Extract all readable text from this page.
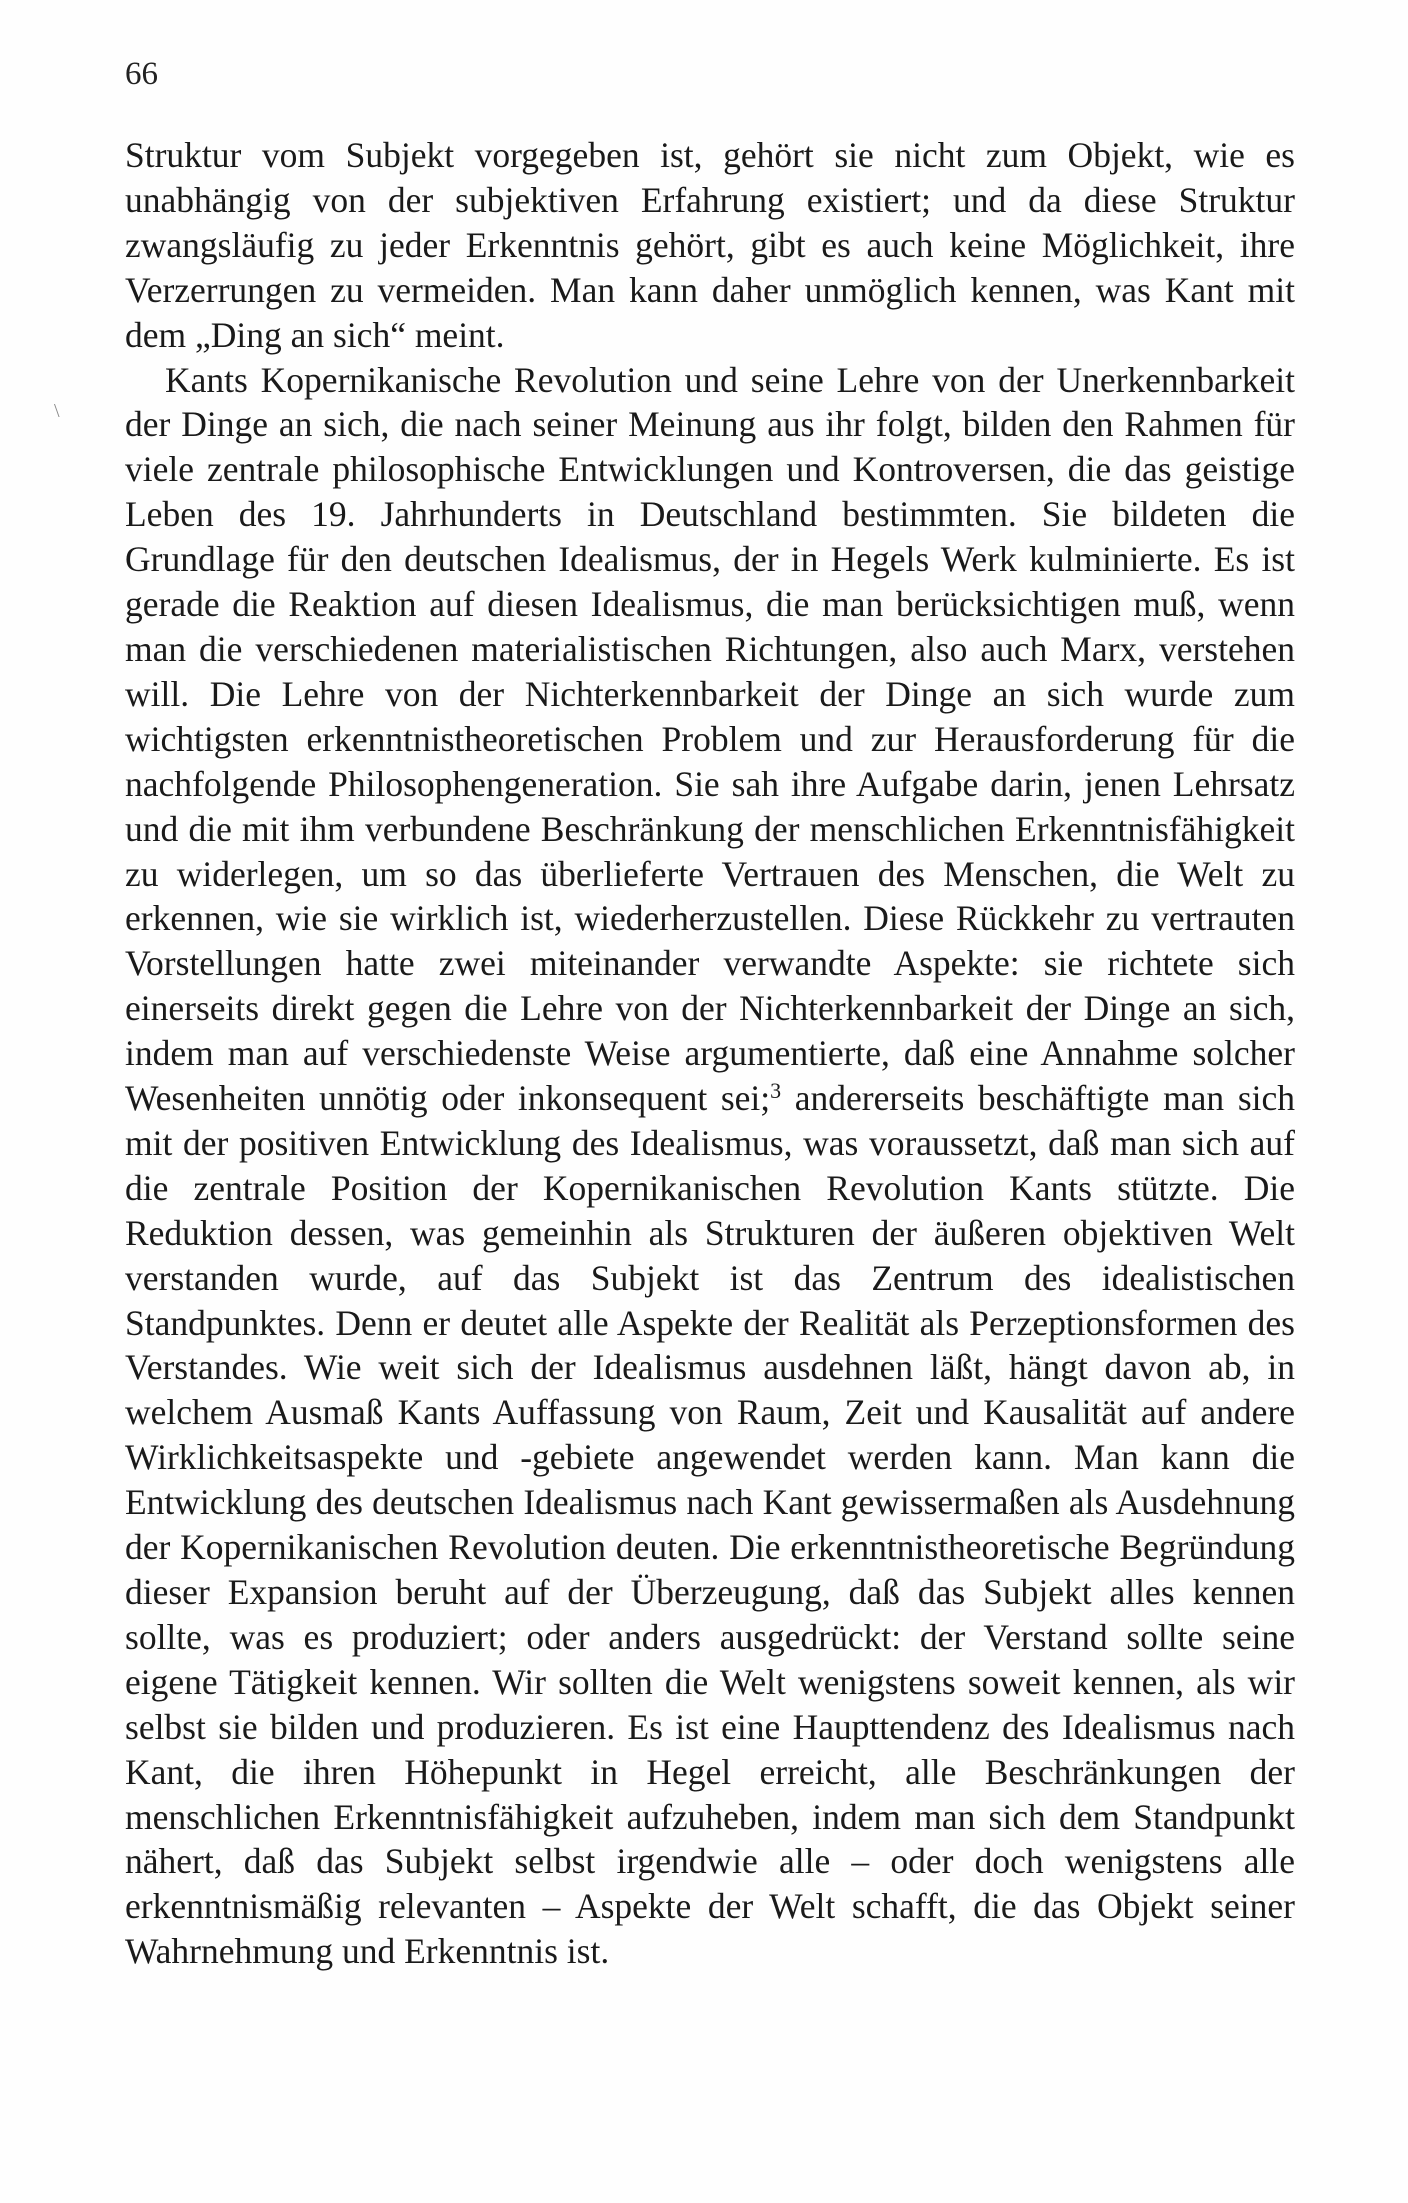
66

Struktur vom Subjekt vorgegeben ist, gehört sie nicht zum Objekt, wie es unabhängig von der subjektiven Erfahrung existiert; und da diese Struktur zwangsläufig zu jeder Erkenntnis gehört, gibt es auch keine Möglichkeit, ihre Verzerrungen zu vermeiden. Man kann daher unmöglich kennen, was Kant mit dem „Ding an sich“ meint.

Kants Kopernikanische Revolution und seine Lehre von der Unerkennbarkeit der Dinge an sich, die nach seiner Meinung aus ihr folgt, bilden den Rahmen für viele zentrale philosophische Entwicklungen und Kontroversen, die das geistige Leben des 19. Jahrhunderts in Deutschland bestimmten. Sie bildeten die Grundlage für den deutschen Idealismus, der in Hegels Werk kulminierte. Es ist gerade die Reaktion auf diesen Idealismus, die man berücksichtigen muß, wenn man die verschiedenen materialistischen Richtungen, also auch Marx, verstehen will. Die Lehre von der Nichterkennbarkeit der Dinge an sich wurde zum wichtigsten erkenntnistheoretischen Problem und zur Herausforderung für die nachfolgende Philosophengeneration. Sie sah ihre Aufgabe darin, jenen Lehrsatz und die mit ihm verbundene Beschränkung der menschlichen Erkenntnisfähigkeit zu widerlegen, um so das überlieferte Vertrauen des Menschen, die Welt zu erkennen, wie sie wirklich ist, wiederherzustellen. Diese Rückkehr zu vertrauten Vorstellungen hatte zwei miteinander verwandte Aspekte: sie richtete sich einerseits direkt gegen die Lehre von der Nichterkennbarkeit der Dinge an sich, indem man auf verschiedenste Weise argumentierte, daß eine Annahme solcher Wesenheiten unnötig oder inkonsequent sei;$^3$ andererseits beschäftigte man sich mit der positiven Entwicklung des Idealismus, was voraussetzt, daß man sich auf die zentrale Position der Kopernikanischen Revolution Kants stützte. Die Reduktion dessen, was gemeinhin als Strukturen der äußeren objektiven Welt verstanden wurde, auf das Subjekt ist das Zentrum des idealistischen Standpunktes. Denn er deutet alle Aspekte der Realität als Perzeptionsformen des Verstandes. Wie weit sich der Idealismus ausdehnen läßt, hängt davon ab, in welchem Ausmaß Kants Auffassung von Raum, Zeit und Kausalität auf andere Wirklichkeitsaspekte und -gebiete angewendet werden kann. Man kann die Entwicklung des deutschen Idealismus nach Kant gewissermaßen als Ausdehnung der Kopernikanischen Revolution deuten. Die erkenntnistheoretische Begründung dieser Expansion beruht auf der Überzeugung, daß das Subjekt alles kennen sollte, was es produziert; oder anders ausgedrückt: der Verstand sollte seine eigene Tätigkeit kennen. Wir sollten die Welt wenigstens soweit kennen, als wir selbst sie bilden und produzieren. Es ist eine Haupttendenz des Idealismus nach Kant, die ihren Höhepunkt in Hegel erreicht, alle Beschränkungen der menschlichen Erkenntnisfähigkeit aufzuheben, indem man sich dem Standpunkt nähert, daß das Subjekt selbst irgendwie alle – oder doch wenigstens alle erkenntnismäßig relevanten – Aspekte der Welt schafft, die das Objekt seiner Wahrnehmung und Erkenntnis ist.

\
